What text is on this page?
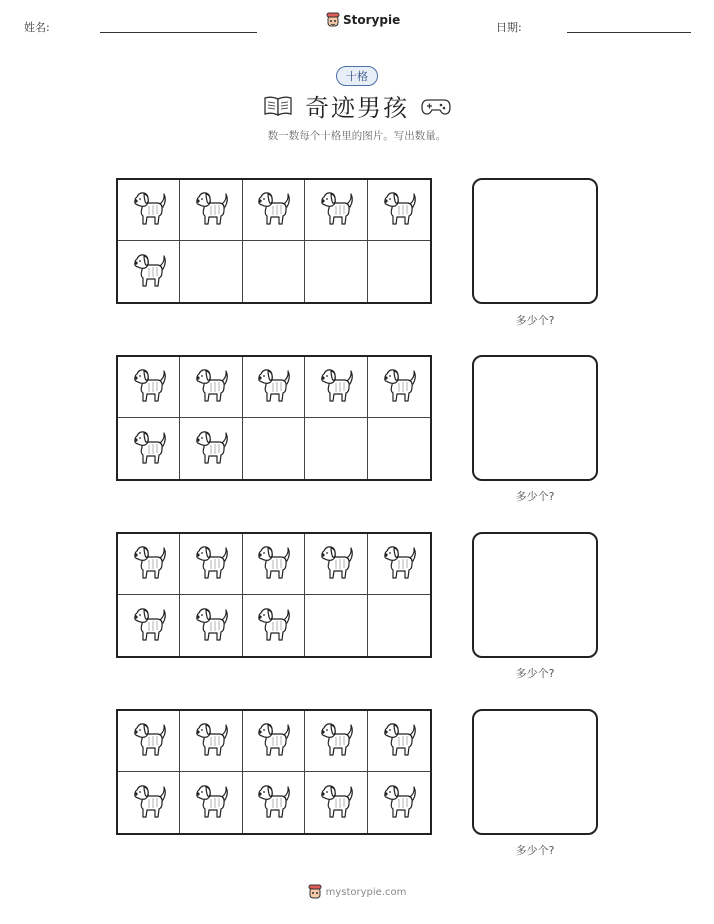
姓名:
Storypie
日期:
十格
奇迹男孩
数一数每个十格里的图片。写出数量。
多少个?
多少个?
多少个?
多少个?
mystorypie.com
